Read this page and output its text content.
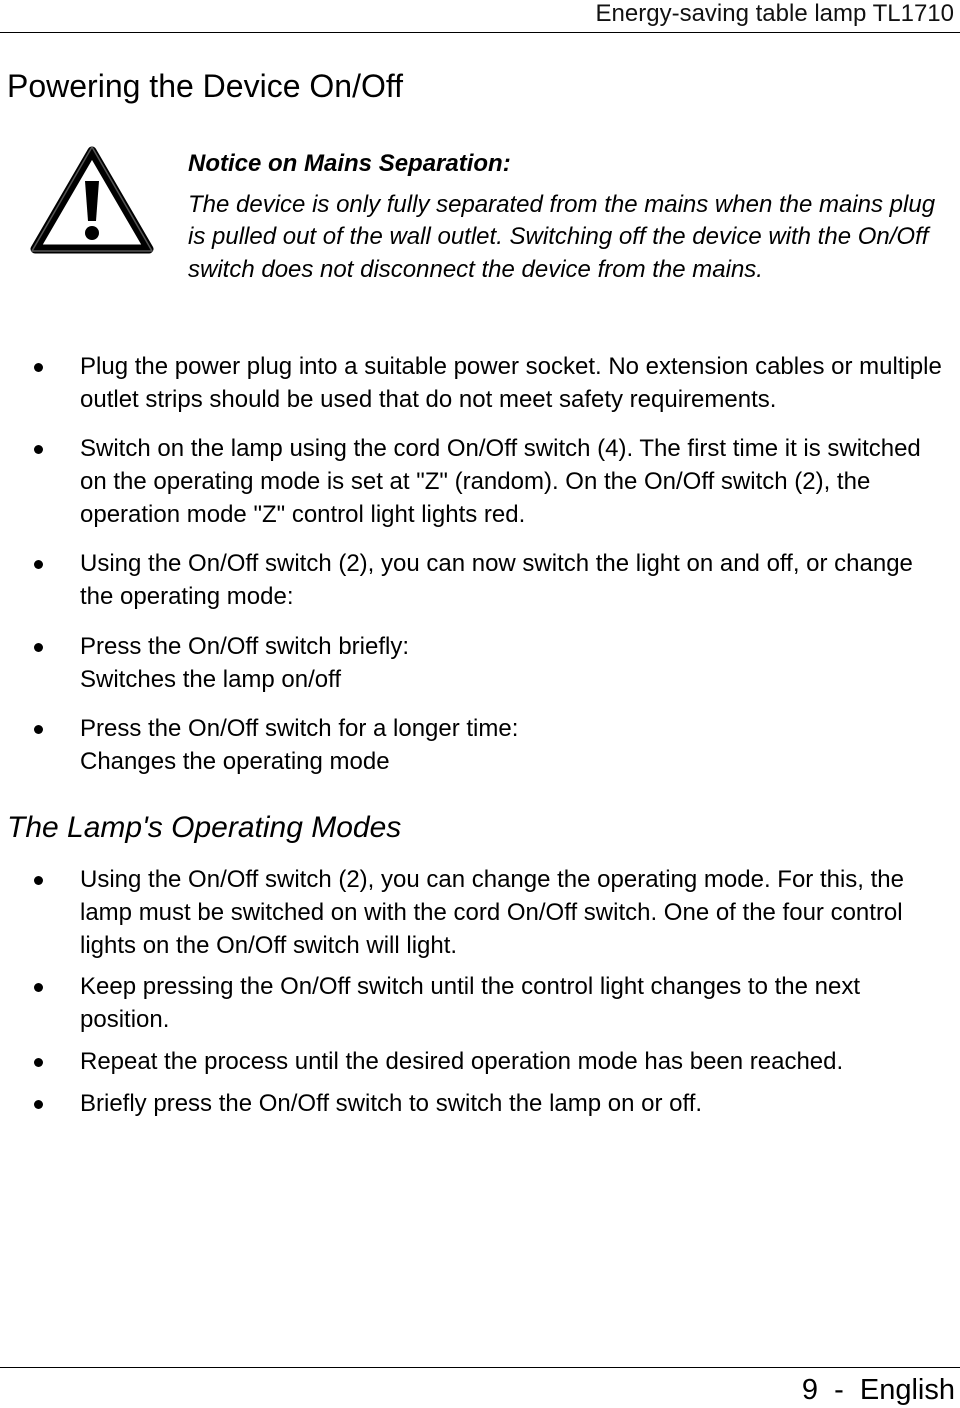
Energy-saving table lamp TL1710
Powering the Device On/Off
Notice on Mains Separation:
The device is only fully separated from the mains when the mains plug is pulled out of the wall outlet. Switching off the device with the On/Off switch does not disconnect the device from the mains.
Plug the power plug into a suitable power socket. No extension cables or multiple outlet strips should be used that do not meet safety requirements.
Switch on the lamp using the cord On/Off switch (4). The first time it is switched on the operating mode is set at "Z" (random). On the On/Off switch (2), the operation mode "Z" control light lights red.
Using the On/Off switch (2), you can now switch the light on and off, or change the operating mode:
Press the On/Off switch briefly:
Switches the lamp on/off
Press the On/Off switch for a longer time:
Changes the operating mode
The Lamp's Operating Modes
Using the On/Off switch (2), you can change the operating mode. For this, the lamp must be switched on with the cord On/Off switch. One of the four control lights on the On/Off switch will light.
Keep pressing the On/Off switch until the control light changes to the next position.
Repeat the process until the desired operation mode has been reached.
Briefly press the On/Off switch to switch the lamp on or off.
9  -  English
